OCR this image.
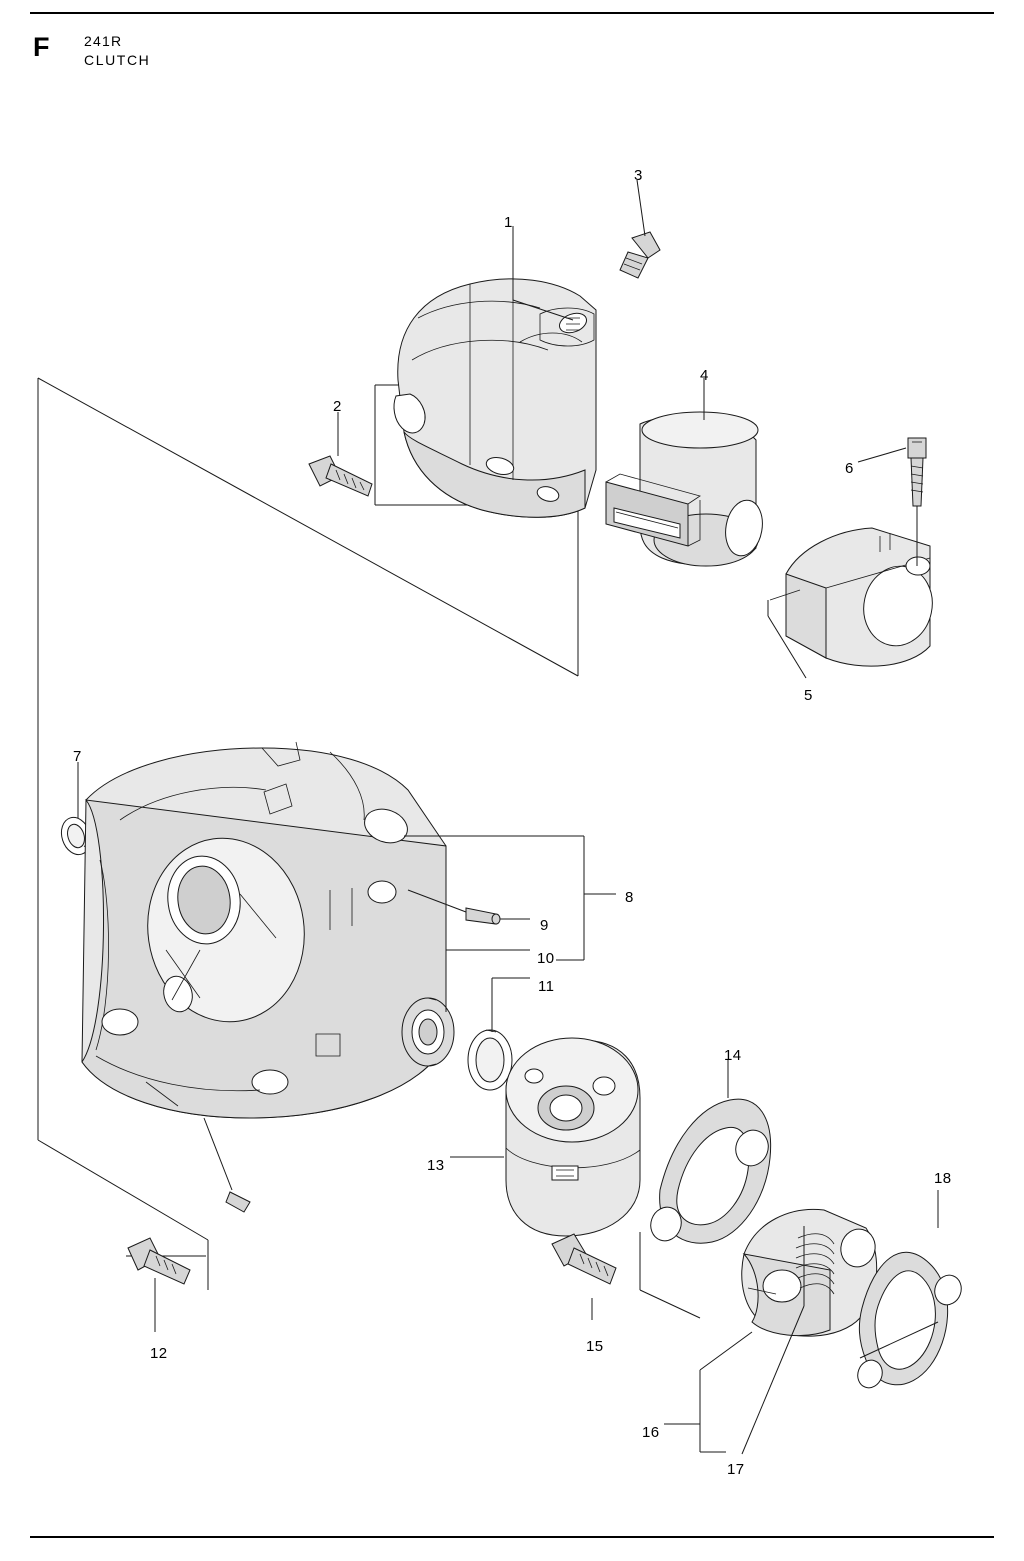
F 241R
CLUTCH
1
2
3
4
5
6
7
8
9
10
11
12
13
14
15
16
17
18
